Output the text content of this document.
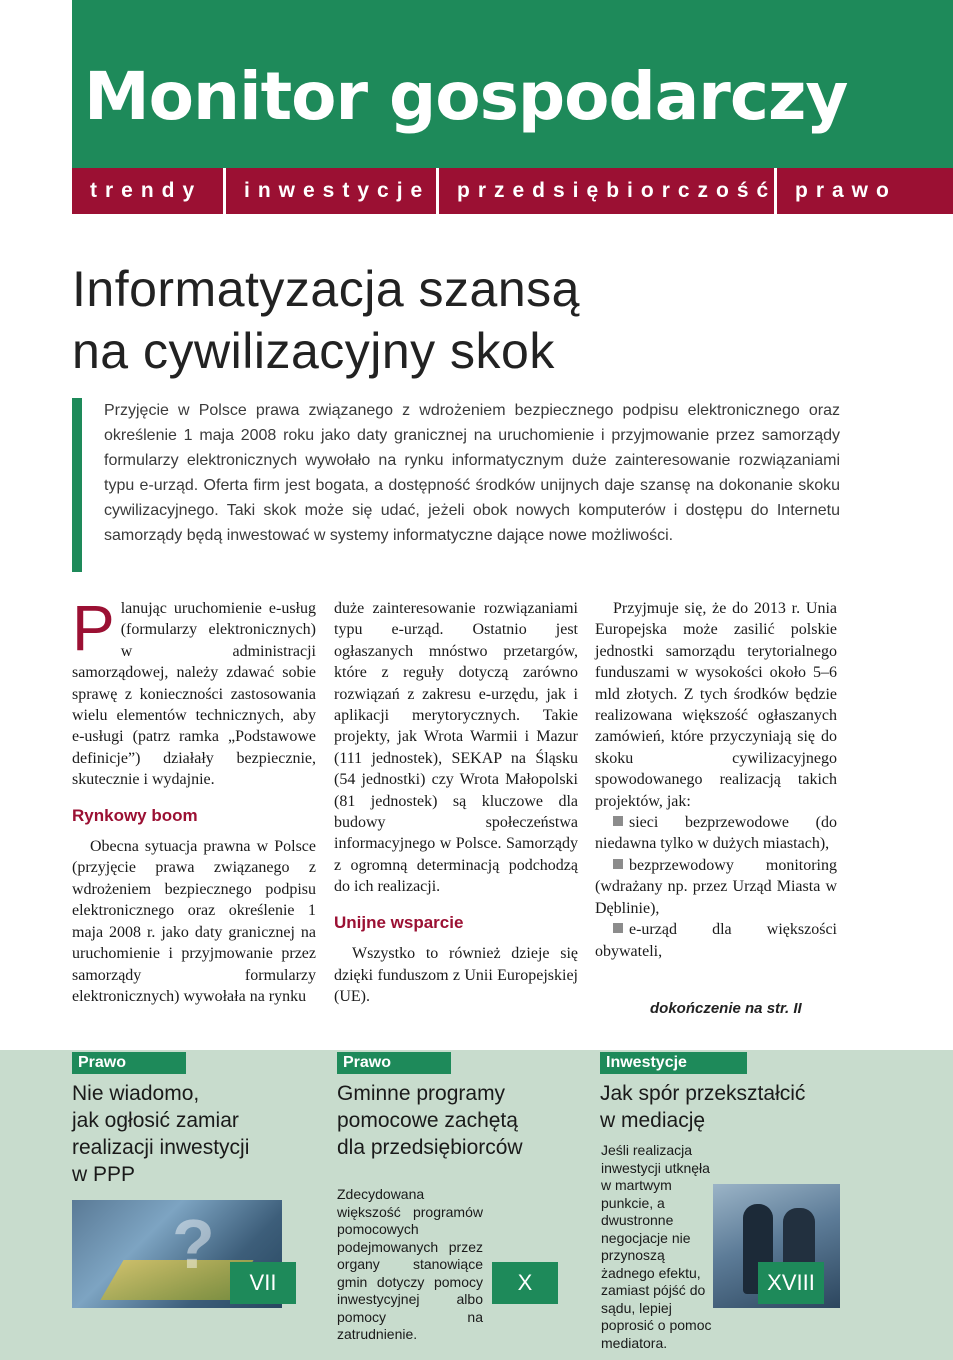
Monitor gospodarczy
trendy	inwestycje	przedsiębiorczość prawo
Informatyzacja szansą
na cywilizacyjny skok

Przyjęcie w Polsce prawa związanego z wdrożeniem bezpiecznego podpisu elektronicznego oraz określenie 1 maja 2008 roku jako daty granicznej na uruchomienie i przyjmowanie przez samorządy formularzy elektronicznych wywołało na rynku informatycznym duże zainteresowanie rozwiązaniami typu e-urząd. Oferta firm jest bogata, a dostępność środków unijnych daje szansę na dokonanie skoku cywilizacyjnego. Taki skok może się udać, jeżeli obok nowych komputerów i dostępu do Internetu samorządy będą inwestować w systemy informatyczne dające nowe możliwości.

Planując uruchomienie e-usług (formularzy elektronicznych) w administracji samorządowej, należy zdawać sobie sprawę z konieczności zastosowania wielu elementów technicznych, aby e-usługi (patrz ramka „Podstawowe definicje”) działały bezpiecznie, skutecznie i wydajnie.

Rynkowy boom

Obecna sytuacja prawna w Polsce (przyjęcie prawa związanego z wdrożeniem bezpiecznego podpisu elektronicznego oraz określenie 1 maja 2008 r. jako daty granicznej na uruchomienie i przyjmowanie przez samorządy formularzy elektronicznych) wywołała na rynku

duże zainteresowanie rozwiązaniami typu e-urząd. Ostatnio jest ogłaszanych mnóstwo przetargów, które z reguły dotyczą zarówno rozwiązań z zakresu e-urzędu, jak i aplikacji merytorycznych. Takie projekty, jak Wrota Warmii i Mazur (111 jednostek), SEKAP na Śląsku (54 jednostki) czy Wrota Małopolski (81 jednostek) są kluczowe dla budowy społeczeństwa informacyjnego w Polsce. Samorządy z ogromną determinacją podchodzą do ich realizacji.

Unijne wsparcie

Wszystko to również dzieje się dzięki funduszom z Unii Europejskiej (UE).

Przyjmuje się, że do 2013 r. Unia Europejska może zasilić polskie jednostki samorządu terytorialnego funduszami w wysokości około 5–6 mld złotych. Z tych środków będzie realizowana większość ogłaszanych zamówień, które przyczyniają się do skoku cywilizacyjnego spowodowanego realizacją takich projektów, jak:

sieci bezprzewodowe (do niedawna tylko w dużych miastach),

bezprzewodowy monitoring (wdrażany np. przez Urząd Miasta w Dęblinie),

e-urząd dla większości obywateli,

dokończenie na str. II
Prawo
Nie wiadomo,
jak ogłosić zamiar
realizacji inwestycji
w PPP
?	VII
Prawo
Gminne programy
pomocowe zachętą
dla przedsiębiorców

Zdecydowana większość programów pomocowych podejmowanych przez organy stanowiące gmin dotyczy pomocy inwestycyjnej albo pomocy na zatrudnienie.

X
Inwestycje
Jak spór przekształcić
w mediację

Jeśli realizacja inwestycji utknęła w martwym punkcie, a dwustronne negocjacje nie przynoszą żadnego efektu, zamiast pójść do sądu, lepiej poprosić o pomoc mediatora.

XVIII
